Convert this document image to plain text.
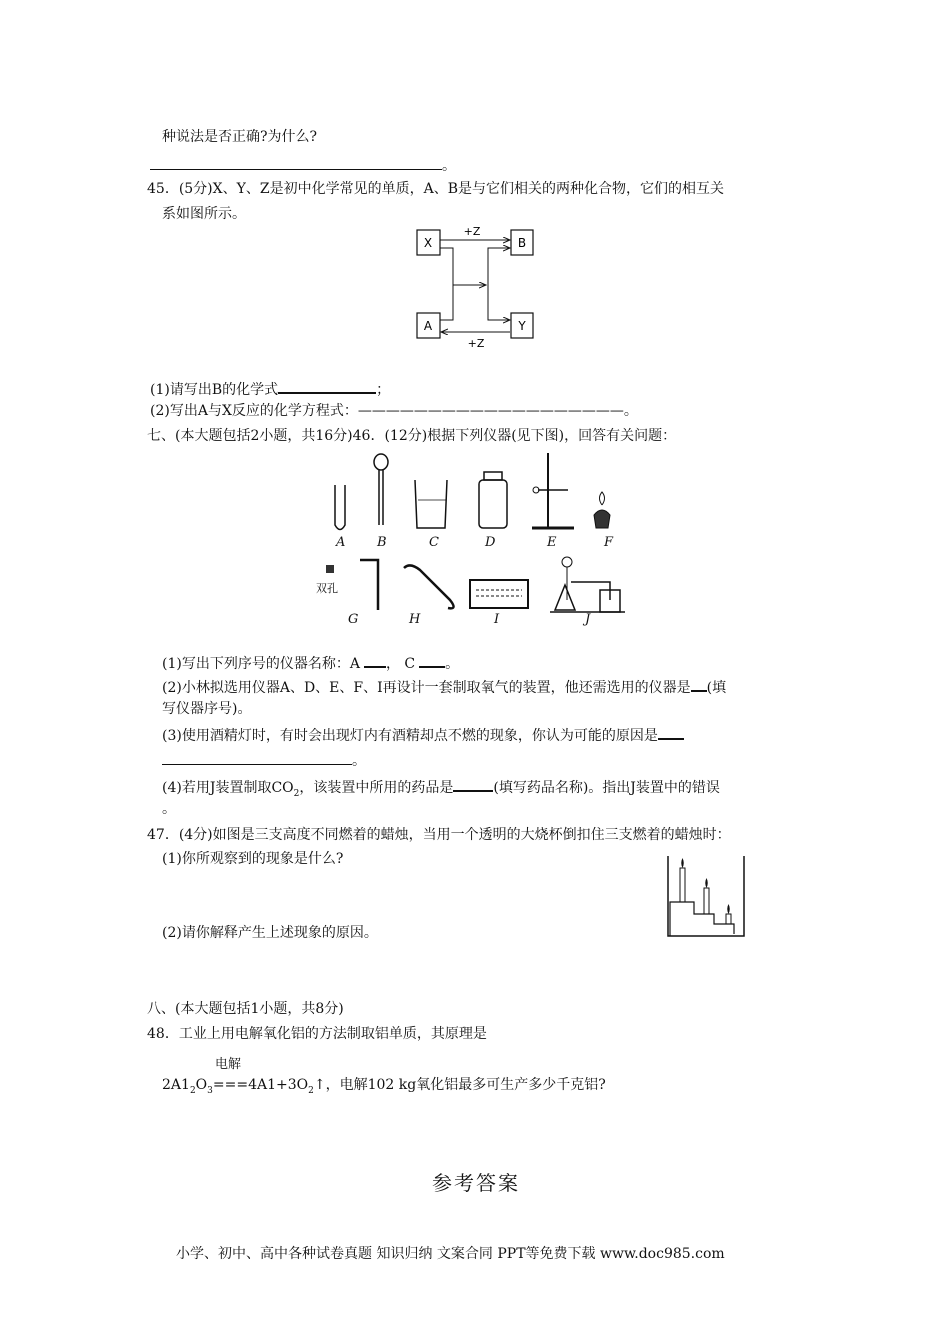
种说法是否正确?为什么?
。
45．(5分)X、Y、Z是初中化学常见的单质，A、B是与它们相关的两种化合物，它们的相互关
系如图所示。
X	B
A	Y
+Z
+Z
(1)请写出B的化学式	；
(2)写出A与X反应的化学方程式：———————————————————。
七、(本大题包括2小题，共16分)46．(12分)根据下列仪器(见下图)，回答有关问题：
A B	C	D	E	F
双孔
G	H	I	J
(1)写出下列序号的仪器名称：A ， C 。
(2)小林拟选用仪器A、D、E、F、I再设计一套制取氧气的装置，他还需选用的仪器是 (填
写仪器序号)。
(3)使用酒精灯时，有时会出现灯内有酒精却点不燃的现象，你认为可能的原因是
。
(4)若用J装置制取$CO_2$，该装置中所用的药品是	(填写药品名称)。指出J装置中的错误
。
47．(4分)如图是三支高度不同燃着的蜡烛，当用一个透明的大烧杯倒扣住三支燃着的蜡烛时：
(1)你所观察到的现象是什么?
(2)请你解释产生上述现象的原因。
八、(本大题包括1小题，共8分)
48．工业上用电解氧化铝的方法制取铝单质，其原理是
电解
$2A1_2O_3===4A1+3O_2↑$，电解102 kg氧化铝最多可生产多少千克铝?
参考答案
小学、初中、高中各种试卷真题 知识归纳 文案合同 PPT等免费下载 www.doc985.com
